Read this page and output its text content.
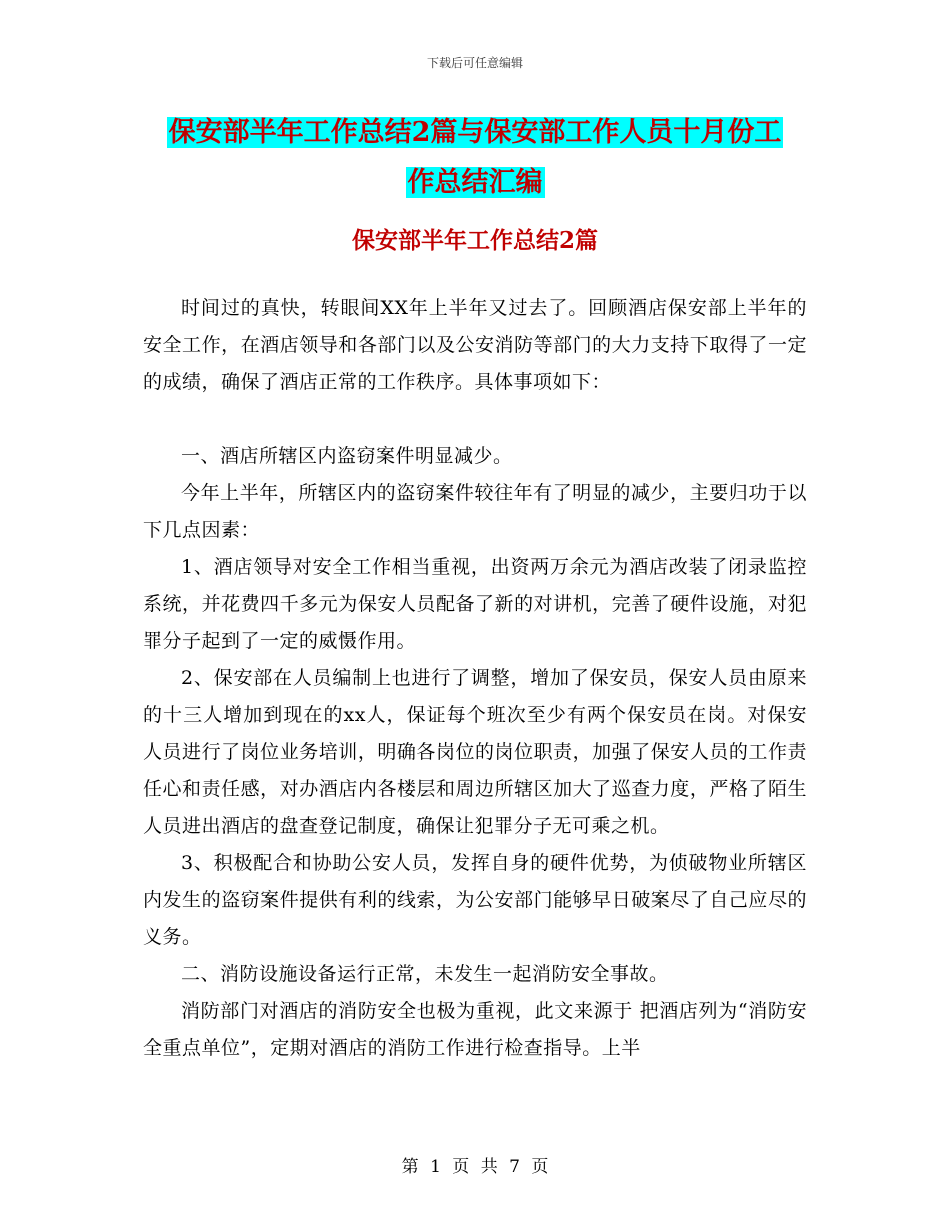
下载后可任意编辑
保安部半年工作总结2篇与保安部工作人员十月份工
作总结汇编
保安部半年工作总结2篇

时间过的真快，转眼间XX年上半年又过去了。回顾酒店保安部上半年的安全工作，在酒店领导和各部门以及公安消防等部门的大力支持下取得了一定的成绩，确保了酒店正常的工作秩序。具体事项如下：

一、酒店所辖区内盗窃案件明显减少。

今年上半年，所辖区内的盗窃案件较往年有了明显的减少，主要归功于以下几点因素：

1、酒店领导对安全工作相当重视，出资两万余元为酒店改装了闭录监控系统，并花费四千多元为保安人员配备了新的对讲机，完善了硬件设施，对犯罪分子起到了一定的威慑作用。

2、保安部在人员编制上也进行了调整，增加了保安员，保安人员由原来的十三人增加到现在的xx人，保证每个班次至少有两个保安员在岗。对保安人员进行了岗位业务培训，明确各岗位的岗位职责，加强了保安人员的工作责任心和责任感，对办酒店内各楼层和周边所辖区加大了巡查力度，严格了陌生人员进出酒店的盘查登记制度，确保让犯罪分子无可乘之机。

3、积极配合和协助公安人员，发挥自身的硬件优势，为侦破物业所辖区内发生的盗窃案件提供有利的线索，为公安部门能够早日破案尽了自己应尽的义务。

二、消防设施设备运行正常，未发生一起消防安全事故。

消防部门对酒店的消防安全也极为重视，此文来源于 把酒店列为“消防安全重点单位”，定期对酒店的消防工作进行检查指导。上半

第 1 页 共 7 页
